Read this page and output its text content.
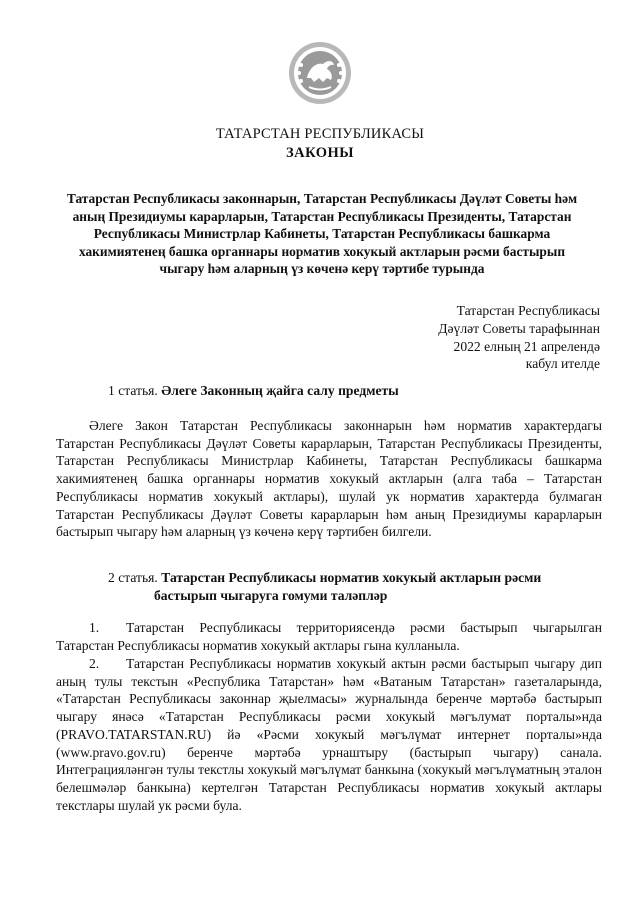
ТАТАРСТАН РЕСПУБЛИКАСЫ
ЗАКОНЫ
Татарстан Республикасы законнарын, Татарстан Республикасы Дәүләт Советы һәм аның Президиумы карарларын, Татарстан Республикасы Президенты, Татарстан Республикасы Министрлар Кабинеты, Татарстан Республикасы башкарма хакимиятенең башка органнары норматив хокукый актларын рәсми бастырып чыгару һәм аларның үз көченә керү тәртибе турында
Татарстан Республикасы
Дәүләт Советы тарафыннан
2022 елның 21 апрелендә
кабул ителде
1 статья. Әлеге Законның җайга салу предметы
Әлеге Закон Татарстан Республикасы законнарын һәм норматив характердагы Татарстан Республикасы Дәүләт Советы карарларын, Татарстан Республикасы Президенты, Татарстан Республикасы Министрлар Кабинеты, Татарстан Республикасы башкарма хакимиятенең башка органнары норматив хокукый актларын (алга таба – Татарстан Республикасы норматив хокукый актлары), шулай ук норматив характерда булмаган Татарстан Республикасы Дәүләт Советы карарларын һәм аның Президиумы карарларын бастырып чыгару һәм аларның үз көченә керү тәртибен билгели.
2 статья. Татарстан Республикасы норматив хокукый актларын рәсми
бастырып чыгаруга гомуми таләпләр
1. Татарстан Республикасы территориясендә рәсми бастырып чыгарылган Татарстан Республикасы норматив хокукый актлары гына кулланыла.
2. Татарстан Республикасы норматив хокукый актын рәсми бастырып чыгару дип аның тулы текстын «Республика Татарстан» һәм «Ватаным Татарстан» газеталарында, «Татарстан Республикасы законнар җыелмасы» журналында беренче мәртәбә бастырып чыгару янәсә «Татарстан Республикасы рәсми хокукый мәгълумат порталы»нда (PRAVO.TATARSTAN.RU) йә «Рәсми хокукый мәгълүмат интернет порталы»нда (www.pravo.gov.ru) беренче мәртәбә урнаштыру (бастырып чыгару) санала. Интеграцияләнгән тулы текстлы хокукый мәгълүмат банкына (хокукый мәгълүматның эталон белешмәләр банкына) кертелгән Татарстан Республикасы норматив хокукый актлары текстлары шулай ук рәсми була.
